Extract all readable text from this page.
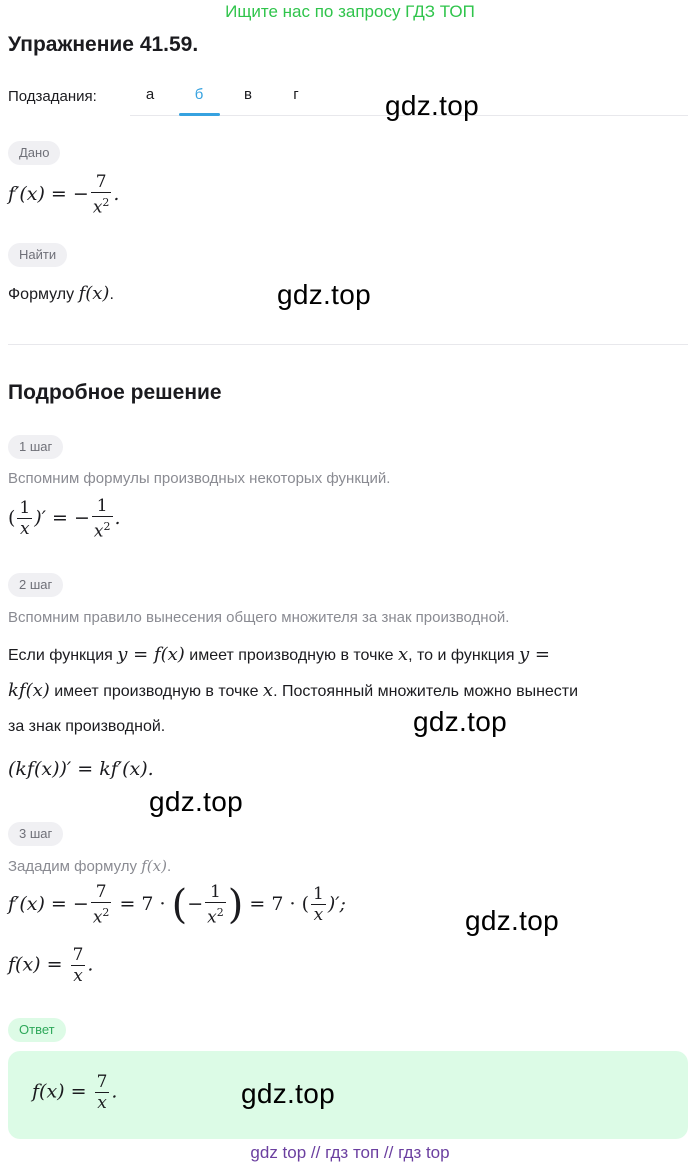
Ищите нас по запросу ГДЗ ТОП
Упражнение 41.59.
Подзадания:	а	б	в	г	gdz.top
Дано
f′(x) = − $\frac{7}{x^2}$ .
Найти
Формулу f(x).	gdz.top
Подробное решение
1 шаг
Вспомним формулы производных некоторых функций.
( $\frac{1}{x}$ )′ = − $\frac{1}{x^2}$ .
2 шаг
Вспомним правило вынесения общего множителя за знак производной.
Если функция y = f(x) имеет производную в точке x, то и функция y =
kf(x) имеет производную в точке x. Постоянный множитель можно вынести
за знак производной.	gdz.top
(kf(x))′ = kf′(x).
gdz.top
3 шаг
Зададим формулу f(x).
f′(x) = − $\frac{7}{x^2} = 7$ · (− $\frac{1}{x^2}$ ) = 7 · ( $\frac{1}{x}$ )′;
gdz.top
$f(x) = \frac{7}{x}$ .
Ответ
$f(x) = \frac{7}{x}$ .	gdz.top
gdz top // гдз топ // гдз top
